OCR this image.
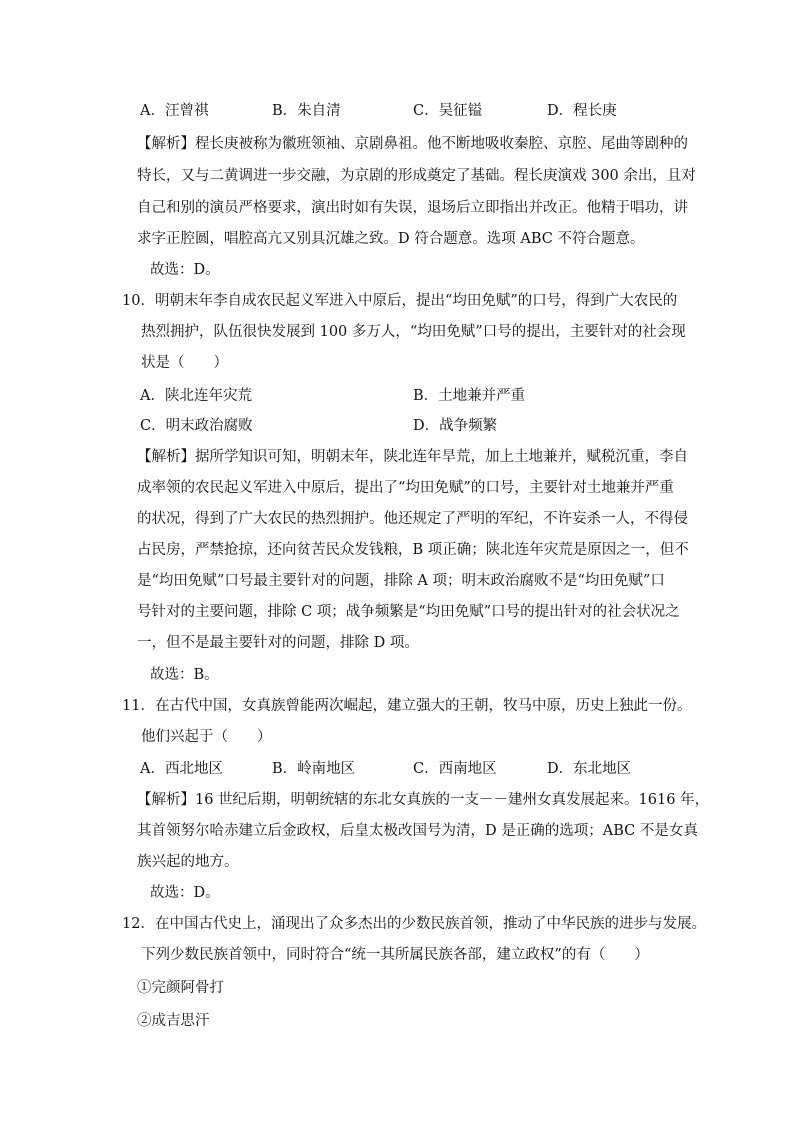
A．汪曾祺	B．朱自清	C．吴征镒	D．程长庚
【解析】程长庚被称为徽班领袖、京剧鼻祖。他不断地吸收秦腔、京腔、尾曲等剧种的
特长，又与二黄调进一步交融，为京剧的形成奠定了基础。程长庚演戏 300 余出，且对
自己和别的演员严格要求，演出时如有失误，退场后立即指出并改正。他精于唱功，讲
求字正腔圆，唱腔高亢又别具沉雄之致。D 符合题意。选项 ABC 不符合题意。
故选：D。
10．明朝末年李自成农民起义军进入中原后，提出“均田免赋”的口号，得到广大农民的
热烈拥护，队伍很快发展到 100 多万人，“均田免赋”口号的提出，主要针对的社会现
状是（　　）
A．陕北连年灾荒	B．土地兼并严重
C．明末政治腐败	D．战争频繁
【解析】据所学知识可知，明朝末年，陕北连年旱荒，加上土地兼并，赋税沉重，李自
成率领的农民起义军进入中原后，提出了“均田免赋”的口号，主要针对土地兼并严重
的状况，得到了广大农民的热烈拥护。他还规定了严明的军纪，不许妄杀一人，不得侵
占民房，严禁抢掠，还向贫苦民众发钱粮，B 项正确；陕北连年灾荒是原因之一，但不
是“均田免赋”口号最主要针对的问题，排除 A 项；明末政治腐败不是“均田免赋”口
号针对的主要问题，排除 C 项；战争频繁是“均田免赋”口号的提出针对的社会状况之
一，但不是最主要针对的问题，排除 D 项。
故选：B。
11．在古代中国，女真族曾能两次崛起，建立强大的王朝，牧马中原，历史上独此一份。
他们兴起于（　　）
A．西北地区	B．岭南地区	C．西南地区	D．东北地区
【解析】16 世纪后期，明朝统辖的东北女真族的一支－－建州女真发展起来。1616 年，
其首领努尔哈赤建立后金政权，后皇太极改国号为清，D 是正确的选项；ABC 不是女真
族兴起的地方。
故选：D。
12．在中国古代史上，涌现出了众多杰出的少数民族首领，推动了中华民族的进步与发展。
下列少数民族首领中，同时符合“统一其所属民族各部，建立政权”的有（　　）
①完颜阿骨打
②成吉思汗
